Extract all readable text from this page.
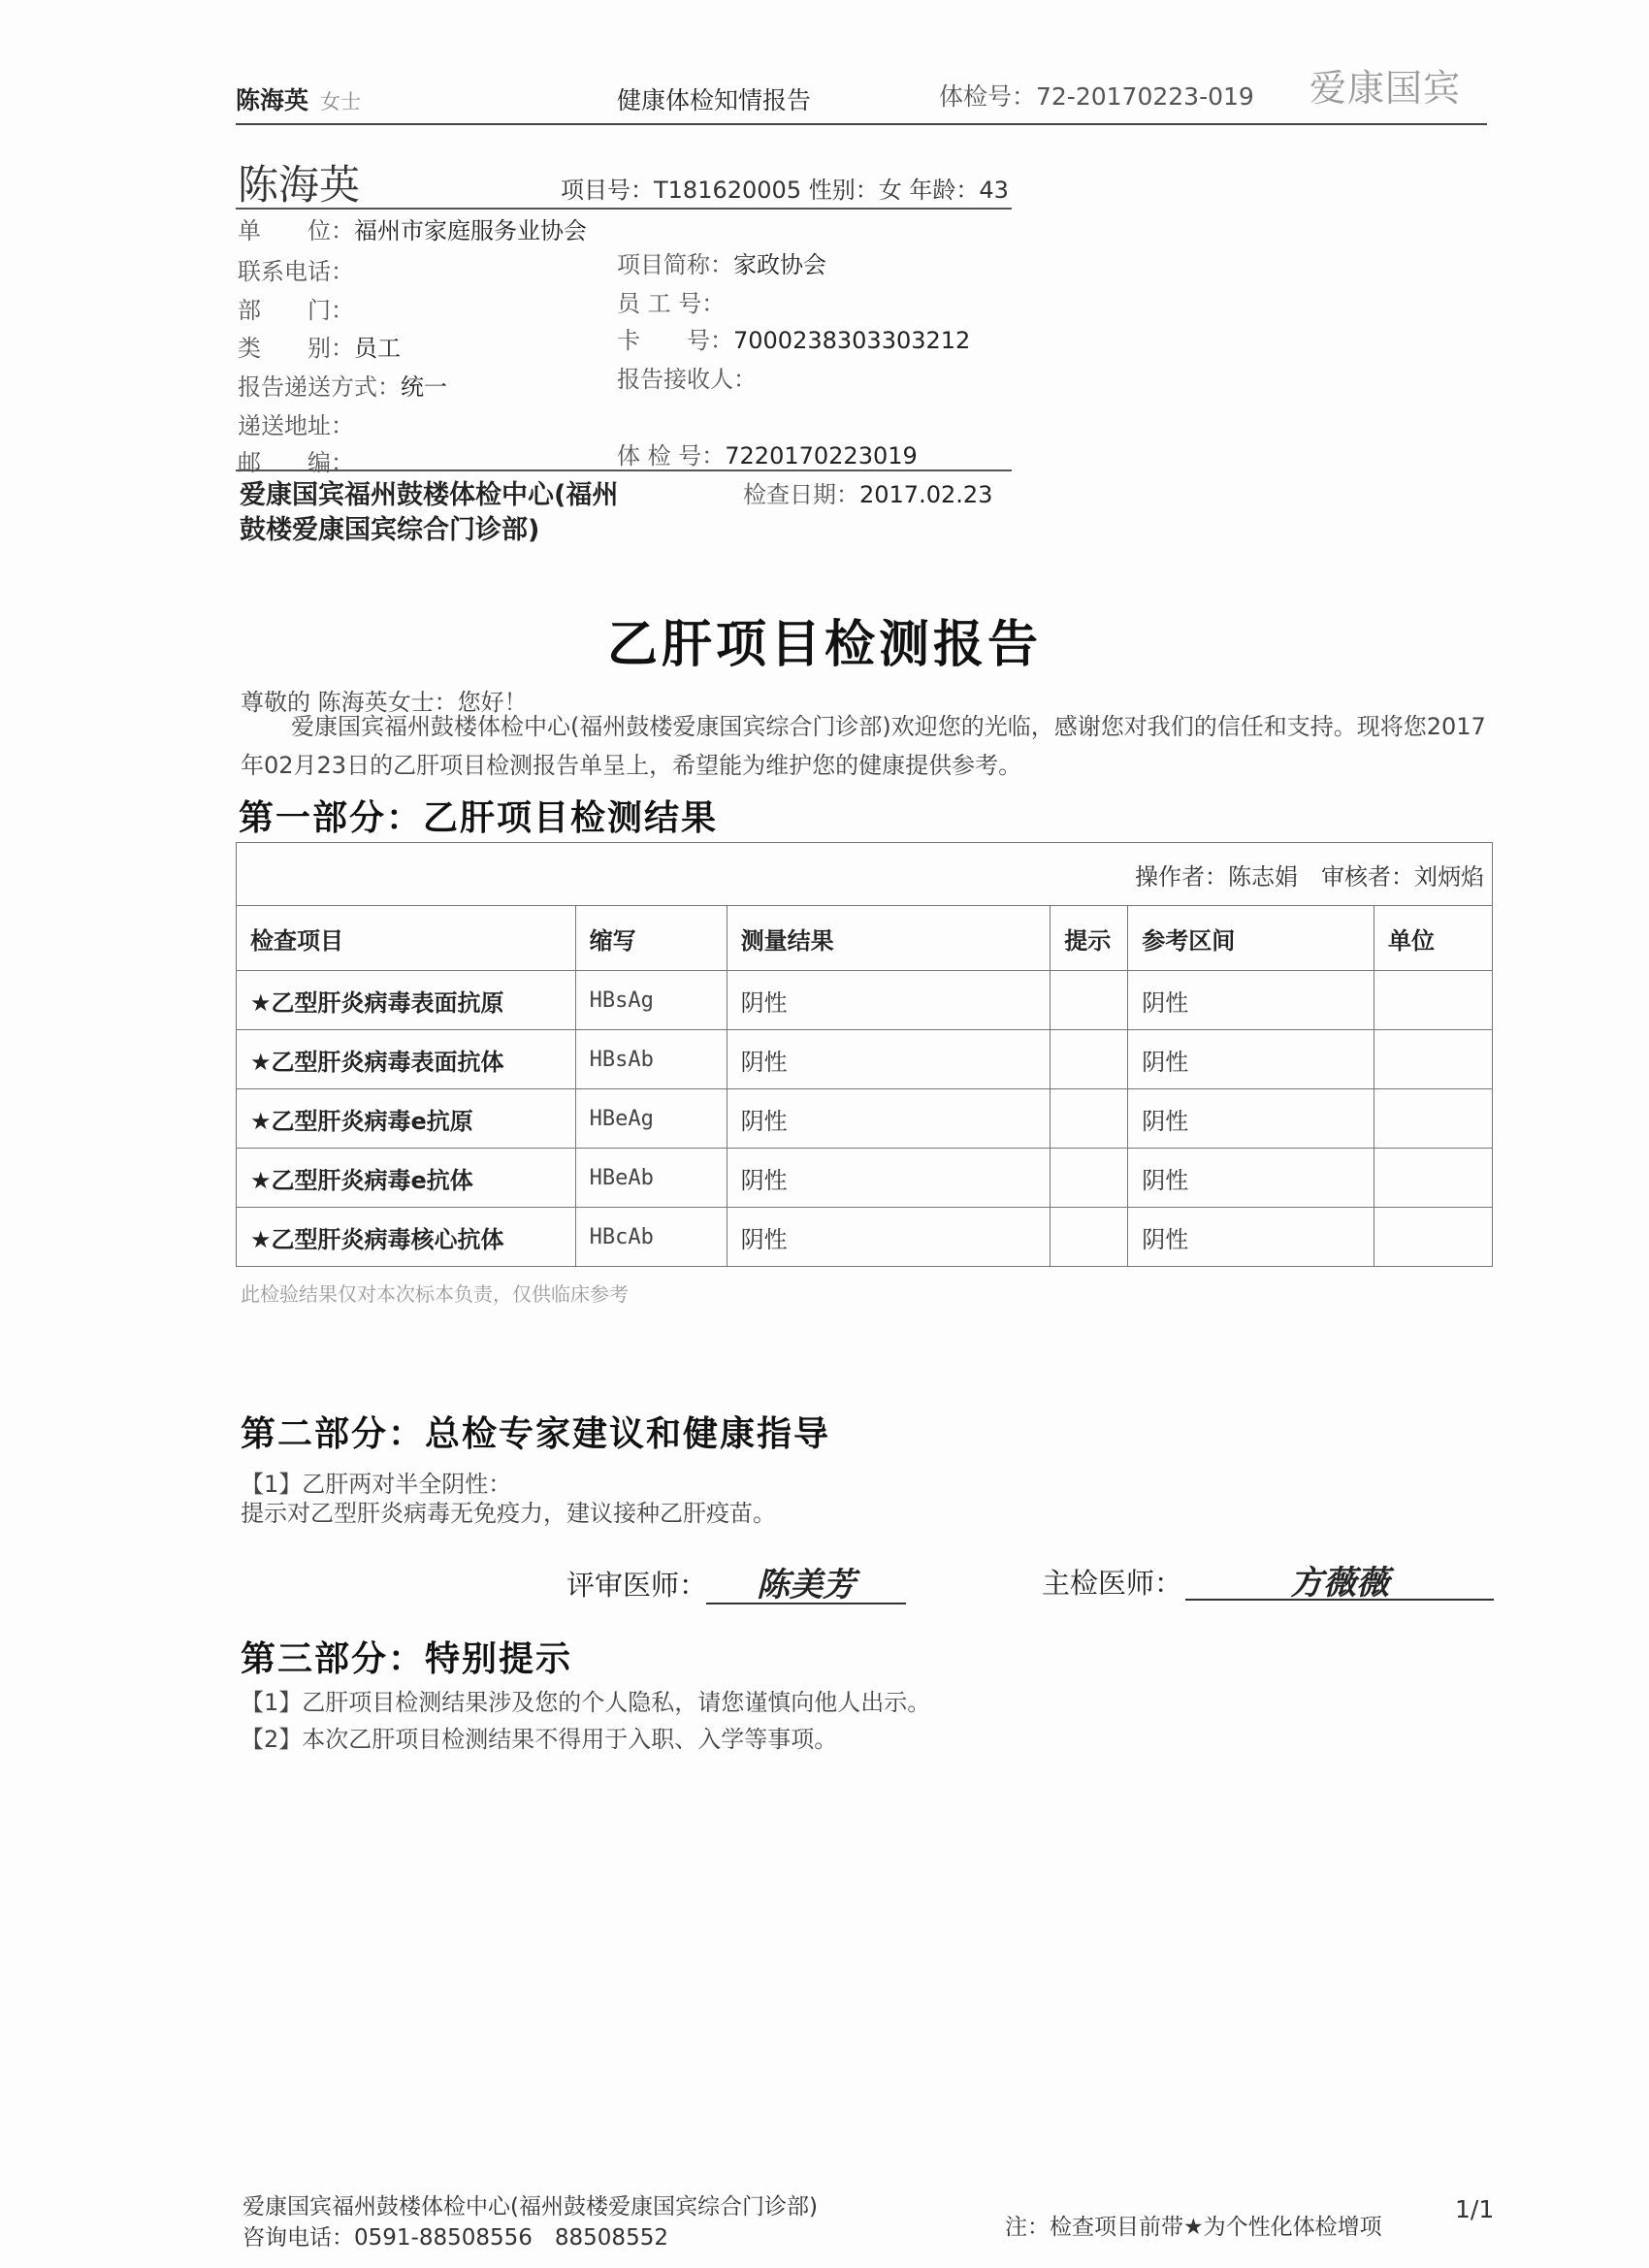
陈海英 女士	健康体检知情报告	体检号：72-20170223-019 爱康国宾
陈海英	项目号：T181620005 性别：女 年龄：43
单　　位：福州市家庭服务业协会
联系电话：
部　　门：
类　　别：员工
报告递送方式：统一
递送地址：
邮　　编：
项目简称：家政协会
员 工 号：
卡　　号：7000238303303212
报告接收人：
体 检 号：7220170223019
检查日期：2017.02.23
爱康国宾福州鼓楼体检中心(福州鼓楼爱康国宾综合门诊部)
乙肝项目检测报告
尊敬的 陈海英女士：您好！
爱康国宾福州鼓楼体检中心(福州鼓楼爱康国宾综合门诊部)欢迎您的光临，感谢您对我们的信任和支持。现将您2017年02月23日的乙肝项目检测报告单呈上，希望能为维护您的健康提供参考。
第一部分：乙肝项目检测结果
操作者：陈志娟　审核者：刘炳焰					
检查项目	缩写	测量结果	提示	参考区间	单位
★乙型肝炎病毒表面抗原	HBsAg	阴性		阴性	
★乙型肝炎病毒表面抗体	HBsAb	阴性		阴性	
★乙型肝炎病毒e抗原	HBeAg	阴性		阴性	
★乙型肝炎病毒e抗体	HBeAb	阴性		阴性	
★乙型肝炎病毒核心抗体	HBcAb	阴性		阴性	
此检验结果仅对本次标本负责，仅供临床参考
第二部分：总检专家建议和健康指导
【1】乙肝两对半全阴性：
提示对乙型肝炎病毒无免疫力，建议接种乙肝疫苗。
评审医师：	陈美芳	主检医师：	方薇薇
第三部分：特别提示
【1】乙肝项目检测结果涉及您的个人隐私，请您谨慎向他人出示。
【2】本次乙肝项目检测结果不得用于入职、入学等事项。
爱康国宾福州鼓楼体检中心(福州鼓楼爱康国宾综合门诊部)
咨询电话：0591-88508556　88508552	注：检查项目前带★为个性化体检增项
1/1
